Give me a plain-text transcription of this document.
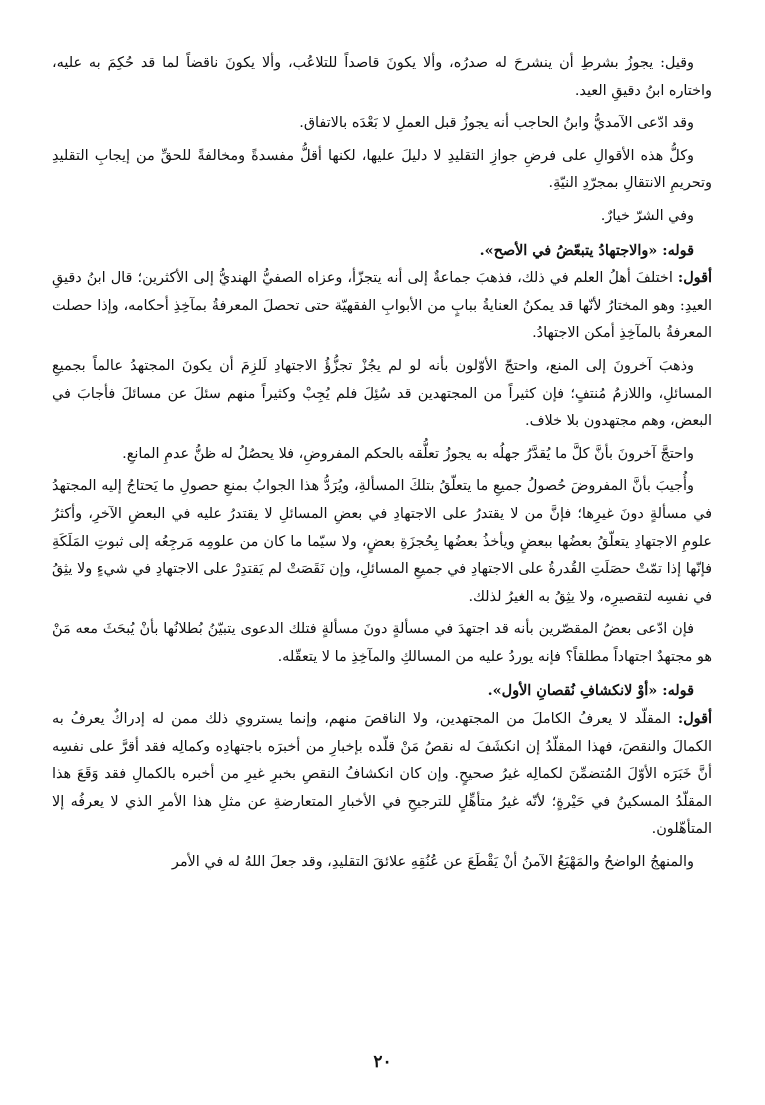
وقيل: يجوزُ بشرطِ أن ينشرحَ له صدرُه، وألا يكونَ قاصداً للتلاعُب، وألا يكونَ ناقضاً لما قد حُكِمَ به عليه، واختاره ابنُ دقيقِ العيد.

وقد ادّعى الآمديُّ وابنُ الحاجب أنه يجوزُ قبل العملِ لا بَعْدَه بالاتفاق.

وكلُّ هذه الأقوالِ على فرضِ جوازِ التقليدِ لا دليلَ عليها، لكنها أقلُّ مفسدةً ومخالفةً للحقِّ من إيجابِ التقليدِ وتحريمِ الانتقالِ بمجرّدِ النيّةِ.

وفي الشرّ خيارٌ.

قوله: «والاجتهادُ يتبعّضُ في الأصح».

أقول: اختلفَ أهلُ العلم في ذلك، فذهبَ جماعةٌ إلى أنه يتجزّأ، وعزاه الصفيُّ الهنديُّ إلى الأكثرين؛ قال ابنُ دقيقِ العيدِ: وهو المختارُ لأنّها قد يمكنُ العنايةُ ببابٍ من الأبوابِ الفقهيّة حتى تحصلَ المعرفةُ بمآخِذِ أحكامه، وإذا حصلت المعرفةُ بالمآخِذِ أمكن الاجتهادُ.

وذهبَ آخرونَ إلى المنع، واحتجّ الأوّلون بأنه لو لم يجُزْ تجزُّؤُ الاجتهادِ لَلزِمَ أن يكونَ المجتهدُ عالماً بجميعِ المسائلِ، واللازمُ مُنتفٍ؛ فإن كثيراً من المجتهدين قد سُئِلَ فلم يُجِبْ وكثيراً منهم سئلَ عن مسائلَ فأجابَ في البعض، وهم مجتهدون بلا خلاف.

واحتجَّ آخرونَ بأنَّ كلَّ ما يُقدَّرُ جهلُه به يجوزُ تعلُّقه بالحكم المفروضِ، فلا يحصُلُ له ظنُّ عدمِ المانعِ.

وأُجيبَ بأنَّ المفروضَ حُصولُ جميعِ ما يتعلّقُ بتلكَ المسألةِ، ويُرَدُّ هذا الجوابُ بمنعِ حصولِ ما يَحتاجُ إليه المجتهدُ في مسألةٍ دونَ غيرِها؛ فإنَّ من لا يقتدرُ على الاجتهادِ في بعضِ المسائلِ لا يقتدرُ عليه في البعضِ الآخرِ، وأكثرُ علومِ الاجتهادِ يتعلّقُ بعضُها ببعضٍ ويأخذُ بعضُها بِحُجزَةِ بعضٍ، ولا سيّما ما كان من علومِه مَرجِعُه إلى ثبوتِ المَلَكَةِ فإنّها إذا تمّتْ حصَلَتِ القُدرةُ على الاجتهادِ في جميعِ المسائلِ، وإن نَقَصَتْ لم يَقتدِرْ على الاجتهادِ في شيءٍ ولا يثِقُ في نفسِه لتقصيرِه، ولا يثِقُ به الغيرُ لذلك.

فإن ادّعى بعضُ المقصّرين بأنه قد اجتهدَ في مسألةٍ دونَ مسألةٍ فتلك الدعوى يتبيّنُ بُطلانُها بأنْ يُبحَثَ معه مَنْ هو مجتهدٌ اجتهاداً مطلقاً؟ فإنه يوردُ عليه من المسالكِ والمآخِذِ ما لا يتعقّله.

قوله: «أوْ لانكشافِ نُقصانِ الأول».

أقول: المقلّد لا يعرفُ الكاملَ من المجتهدين، ولا الناقصَ منهم، وإنما يستروي ذلك ممن له إدراكٌ يعرفُ به الكمالَ والنقصَ، فهذا المقلّدُ إن انكشَفَ له نقصُ مَنْ قلّده بإخبارِ من أخبرَه باجتهادِه وكمالِه فقد أقرَّ على نفسِه أنَّ خَبَرَه الأوّلَ المُتضمِّنَ لكمالِه غيرُ صحيحٍ. وإن كان انكشافُ النقصِ بخبرِ غيرِ من أخبره بالكمالِ فقد وَقَعَ هذا المقلّدُ المسكينُ في حَيْرةٍ؛ لأنّه غيرُ متأهِّلٍ للترجيحِ في الأخبارِ المتعارضةِ عن مثلِ هذا الأمرِ الذي لا يعرفُه إلا المتأهّلون.

والمنهجُ الواضحُ والمَهْيَعُ الآمنُ أنْ يَقْطَعَ عن عُنُقِهِ علائقَ التقليدِ، وقد جعلَ اللهُ له في الأمر

٢٠
